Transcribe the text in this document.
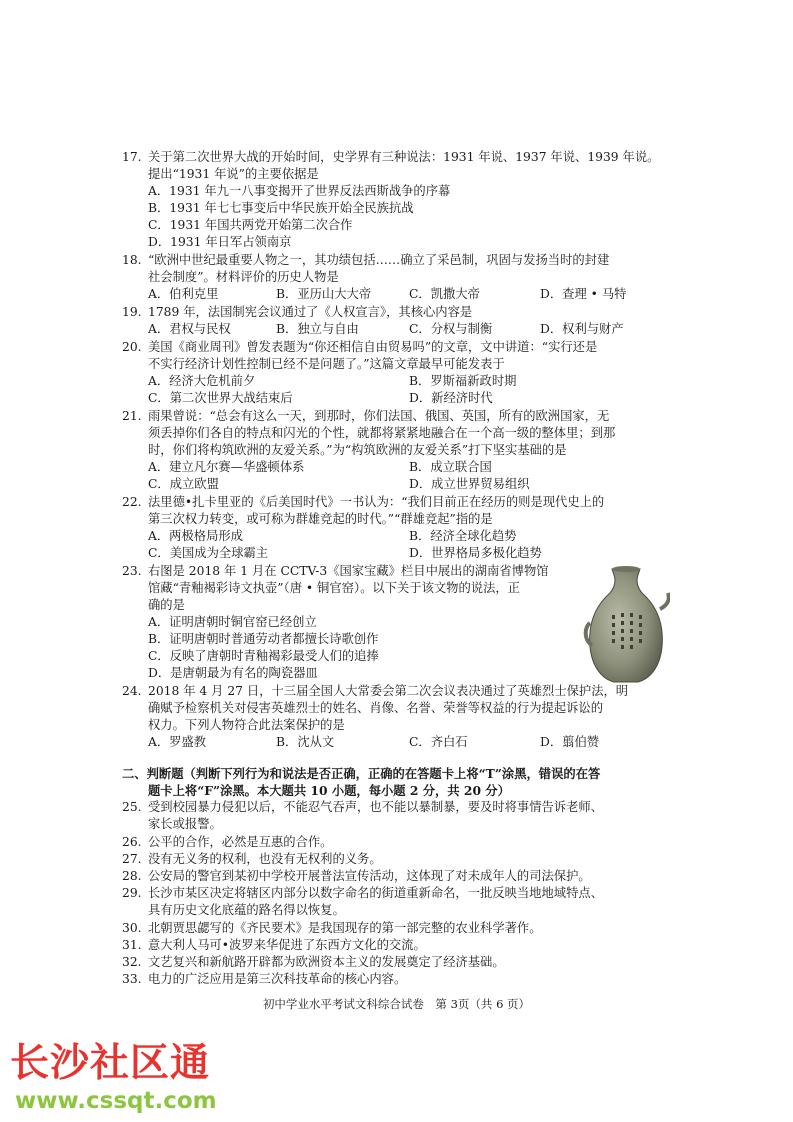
17. 关于第二次世界大战的开始时间，史学界有三种说法：1931 年说、1937 年说、1939 年说。
提出“1931 年说”的主要依据是
A．1931 年九一八事变揭开了世界反法西斯战争的序幕
B．1931 年七七事变后中华民族开始全民族抗战
C．1931 年国共两党开始第二次合作
D．1931 年日军占领南京
18. “欧洲中世纪最重要人物之一，其功绩包括……确立了采邑制，巩固与发扬当时的封建
社会制度”。材料评价的历史人物是
A．伯利克里	B．亚历山大大帝	C．凯撒大帝	D．查理 • 马特
19. 1789 年，法国制宪会议通过了《人权宣言》，其核心内容是
A．君权与民权	B．独立与自由	C．分权与制衡	D．权利与财产
20. 美国《商业周刊》曾发表题为“你还相信自由贸易吗”的文章，文中讲道：“实行还是
不实行经济计划性控制已经不是问题了。”这篇文章最早可能发表于
A．经济大危机前夕	B．罗斯福新政时期
C．第二次世界大战结束后	D．新经济时代
21. 雨果曾说：“总会有这么一天，到那时，你们法国、俄国、英国，所有的欧洲国家，无
须丢掉你们各自的特点和闪光的个性，就都将紧紧地融合在一个高一级的整体里；到那
时，你们将构筑欧洲的友爱关系。”为“构筑欧洲的友爱关系”打下坚实基础的是
A．建立凡尔赛—华盛顿体系	B．成立联合国
C．成立欧盟	D．成立世界贸易组织
22. 法里德•扎卡里亚的《后美国时代》一书认为：“我们目前正在经历的则是现代史上的
第三次权力转变，或可称为群雄竞起的时代。”“群雄竞起”指的是
A．两极格局形成	B．经济全球化趋势
C．美国成为全球霸主	D．世界格局多极化趋势
23. 右图是 2018 年 1 月在 CCTV-3《国家宝藏》栏目中展出的湖南省博物馆
馆藏“青釉褐彩诗文执壶”（唐 • 铜官窑）。以下关于该文物的说法，正
确的是
A．证明唐朝时铜官窑已经创立
B．证明唐朝时普通劳动者都擅长诗歌创作
C．反映了唐朝时青釉褐彩最受人们的追捧
D．是唐朝最为有名的陶瓷器皿
24. 2018 年 4 月 27 日，十三届全国人大常委会第二次会议表决通过了英雄烈士保护法，明
确赋予检察机关对侵害英雄烈士的姓名、肖像、名誉、荣誉等权益的行为提起诉讼的
权力。下列人物符合此法案保护的是
A．罗盛教	B．沈从文	C．齐白石	D．翦伯赞
二、判断题（判断下列行为和说法是否正确，正确的在答题卡上将“T”涂黑，错误的在答
题卡上将“F”涂黑。本大题共 10 小题，每小题 2 分，共 20 分）
25. 受到校园暴力侵犯以后，不能忍气吞声，也不能以暴制暴，要及时将事情告诉老师、
家长或报警。
26. 公平的合作，必然是互惠的合作。
27. 没有无义务的权利，也没有无权利的义务。
28. 公安局的警官到某初中学校开展普法宣传活动，这体现了对未成年人的司法保护。
29. 长沙市某区决定将辖区内部分以数字命名的街道重新命名，一批反映当地地域特点、
具有历史文化底蕴的路名得以恢复。
30. 北朝贾思勰写的《齐民要术》是我国现存的第一部完整的农业科学著作。
31. 意大利人马可•波罗来华促进了东西方文化的交流。
32. 文艺复兴和新航路开辟都为欧洲资本主义的发展奠定了经济基础。
33. 电力的广泛应用是第三次科技革命的核心内容。
初中学业水平考试文科综合试卷　第 3页（共 6 页）
长沙社区通
www.cssqt.com
